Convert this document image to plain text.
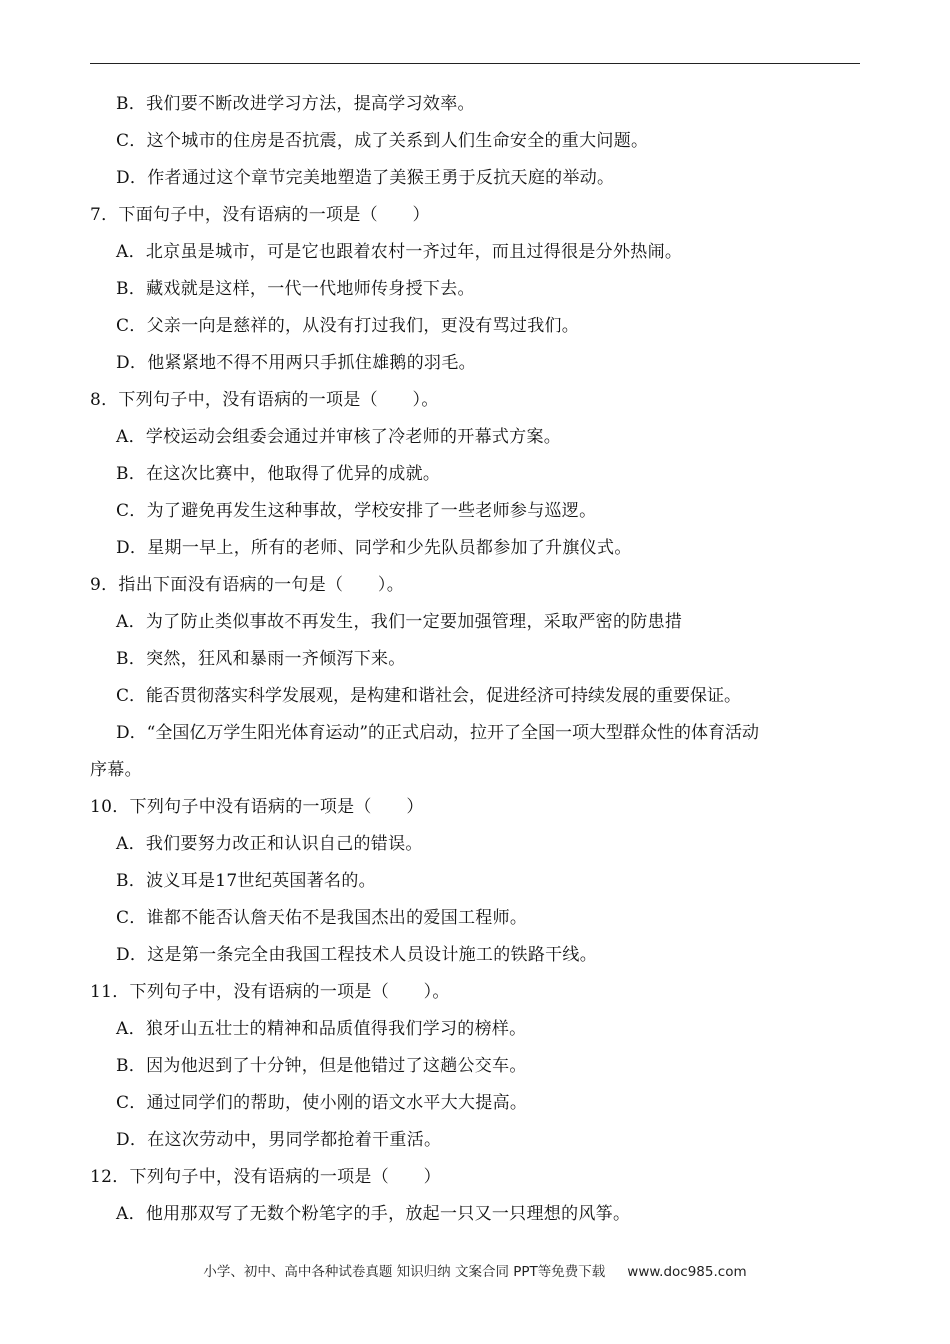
B．我们要不断改进学习方法，提高学习效率。
C．这个城市的住房是否抗震，成了关系到人们生命安全的重大问题。
D．作者通过这个章节完美地塑造了美猴王勇于反抗天庭的举动。
7．下面句子中，没有语病的一项是（　　）
A．北京虽是城市，可是它也跟着农村一齐过年，而且过得很是分外热闹。
B．藏戏就是这样，一代一代地师传身授下去。
C．父亲一向是慈祥的，从没有打过我们，更没有骂过我们。
D．他紧紧地不得不用两只手抓住雄鹅的羽毛。
8．下列句子中，没有语病的一项是（　　）。
A．学校运动会组委会通过并审核了冷老师的开幕式方案。
B．在这次比赛中，他取得了优异的成就。
C．为了避免再发生这种事故，学校安排了一些老师参与巡逻。
D．星期一早上，所有的老师、同学和少先队员都参加了升旗仪式。
9．指出下面没有语病的一句是（　　）。
A．为了防止类似事故不再发生，我们一定要加强管理，采取严密的防患措
B．突然，狂风和暴雨一齐倾泻下来。
C．能否贯彻落实科学发展观，是构建和谐社会，促进经济可持续发展的重要保证。
D．“全国亿万学生阳光体育运动”的正式启动，拉开了全国一项大型群众性的体育活动
序幕。
10．下列句子中没有语病的一项是（　　）
A．我们要努力改正和认识自己的错误。
B．波义耳是17世纪英国著名的。
C．谁都不能否认詹天佑不是我国杰出的爱国工程师。
D．这是第一条完全由我国工程技术人员设计施工的铁路干线。
11．下列句子中，没有语病的一项是（　　）。
A．狼牙山五壮士的精神和品质值得我们学习的榜样。
B．因为他迟到了十分钟，但是他错过了这趟公交车。
C．通过同学们的帮助，使小刚的语文水平大大提高。
D．在这次劳动中，男同学都抢着干重活。
12．下列句子中，没有语病的一项是（　　）
A．他用那双写了无数个粉笔字的手，放起一只又一只理想的风筝。
小学、初中、高中各种试卷真题 知识归纳 文案合同 PPT等免费下载 www.doc985.com
